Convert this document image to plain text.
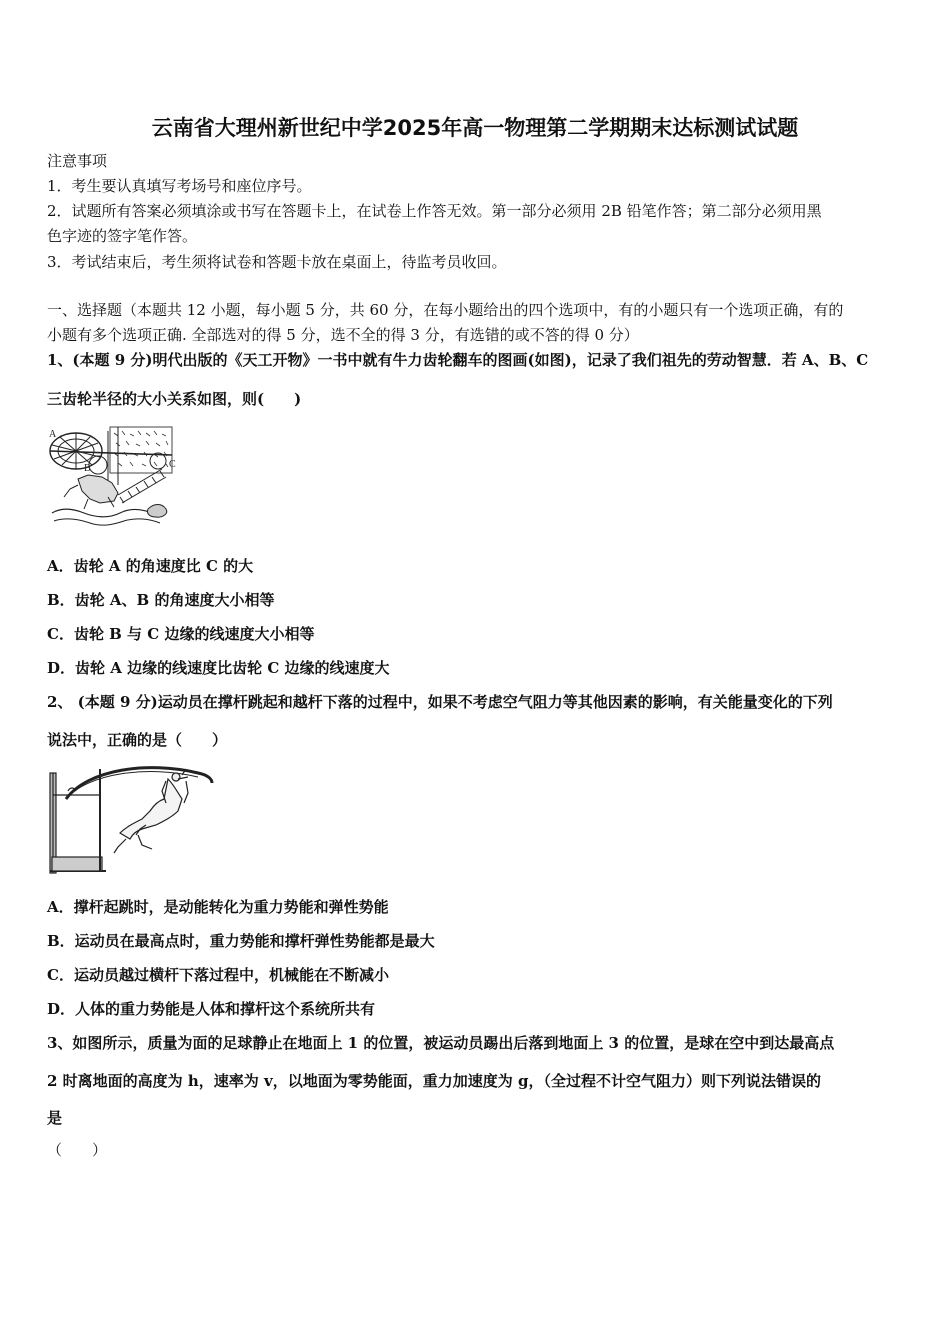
云南省大理州新世纪中学2025年高一物理第二学期期末达标测试试题
注意事项
1．考生要认真填写考场号和座位序号。
2．试题所有答案必须填涂或书写在答题卡上，在试卷上作答无效。第一部分必须用 2B 铅笔作答；第二部分必须用黑
色字迹的签字笔作答。
3．考试结束后，考生须将试卷和答题卡放在桌面上，待监考员收回。
一、选择题（本题共 12 小题，每小题 5 分，共 60 分，在每小题给出的四个选项中，有的小题只有一个选项正确，有的
小题有多个选项正确. 全部选对的得 5 分，选不全的得 3 分，有选错的或不答的得 0 分）
1、(本题 9 分)明代出版的《天工开物》一书中就有牛力齿轮翻车的图画(如图)，记录了我们祖先的劳动智慧．若 A、B、C
三齿轮半径的大小关系如图，则(　　)
A
B	C
A．齿轮 A 的角速度比 C 的大
B．齿轮 A、B 的角速度大小相等
C．齿轮 B 与 C 边缘的线速度大小相等
D．齿轮 A 边缘的线速度比齿轮 C 边缘的线速度大
2、 (本题 9 分)运动员在撑杆跳起和越杆下落的过程中，如果不考虑空气阻力等其他因素的影响，有关能量变化的下列
说法中，正确的是（　　）
A．撑杆起跳时，是动能转化为重力势能和弹性势能
B．运动员在最高点时，重力势能和撑杆弹性势能都是最大
C．运动员越过横杆下落过程中，机械能在不断减小
D．人体的重力势能是人体和撑杆这个系统所共有
3、如图所示，质量为面的足球静止在地面上 1 的位置，被运动员踢出后落到地面上 3 的位置，是球在空中到达最高点
2 时离地面的高度为 h，速率为 v，以地面为零势能面，重力加速度为 g，（全过程不计空气阻力）则下列说法错误的
是
（　　）
